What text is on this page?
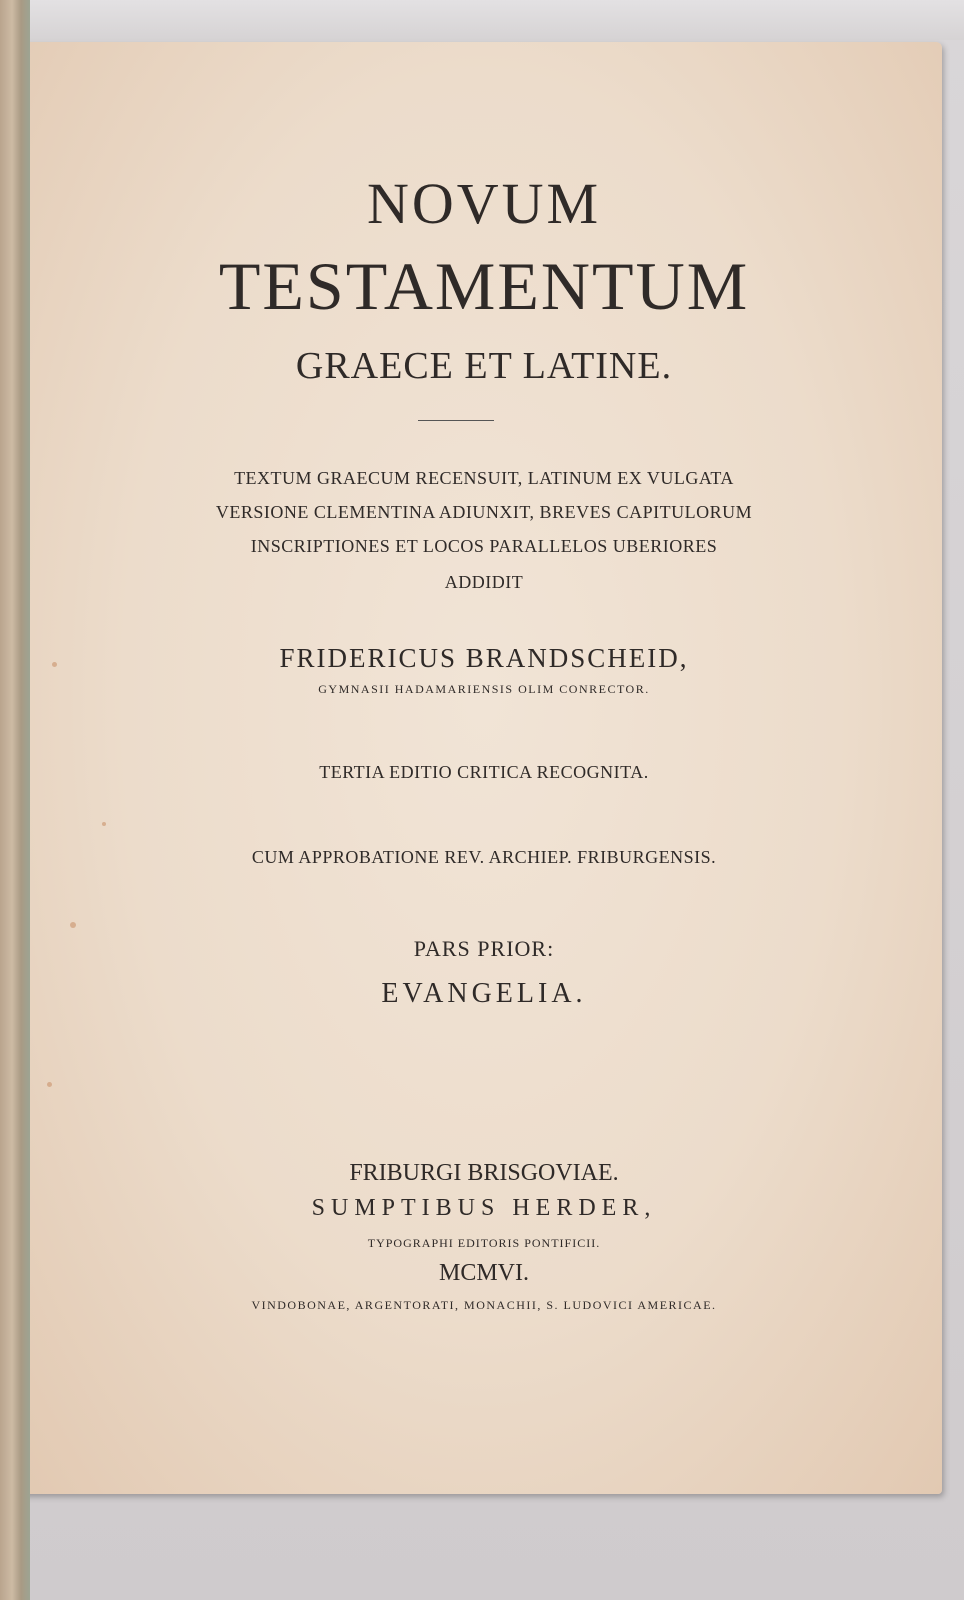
NOVUM
TESTAMENTUM
GRAECE ET LATINE.
TEXTUM GRAECUM RECENSUIT, LATINUM EX VULGATA
VERSIONE CLEMENTINA ADIUNXIT, BREVES CAPITULORUM
INSCRIPTIONES ET LOCOS PARALLELOS UBERIORES
ADDIDIT
FRIDERICUS BRANDSCHEID,
GYMNASII HADAMARIENSIS OLIM CONRECTOR.
TERTIA EDITIO CRITICA RECOGNITA.
CUM APPROBATIONE REV. ARCHIEP. FRIBURGENSIS.
PARS PRIOR:
EVANGELIA.
FRIBURGI BRISGOVIAE.
SUMPTIBUS HERDER,
TYPOGRAPHI EDITORIS PONTIFICII.
MCMVI.
VINDOBONAE, ARGENTORATI, MONACHII, S. LUDOVICI AMERICAE.
